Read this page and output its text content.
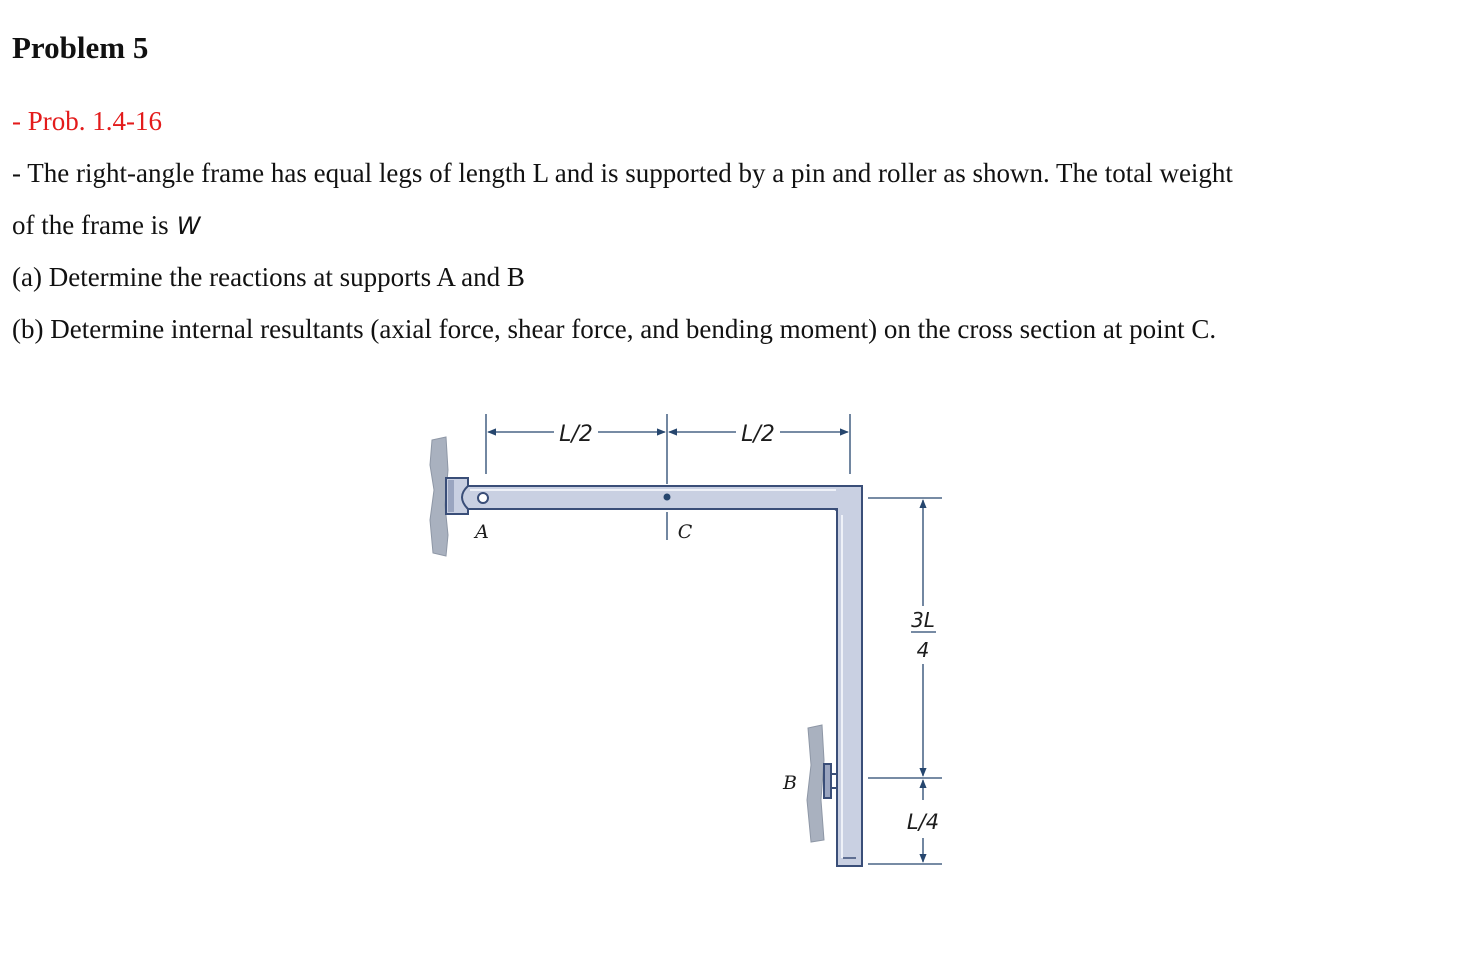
Problem 5
- Prob. 1.4-16
- The right-angle frame has equal legs of length L and is supported by a pin and roller as shown. The total weight
of the frame is W
(a) Determine the reactions at supports A and B
(b) Determine internal resultants (axial force, shear force, and bending moment) on the cross section at point C.
L/2	L/2
A	C
B
3L
4
L/4
